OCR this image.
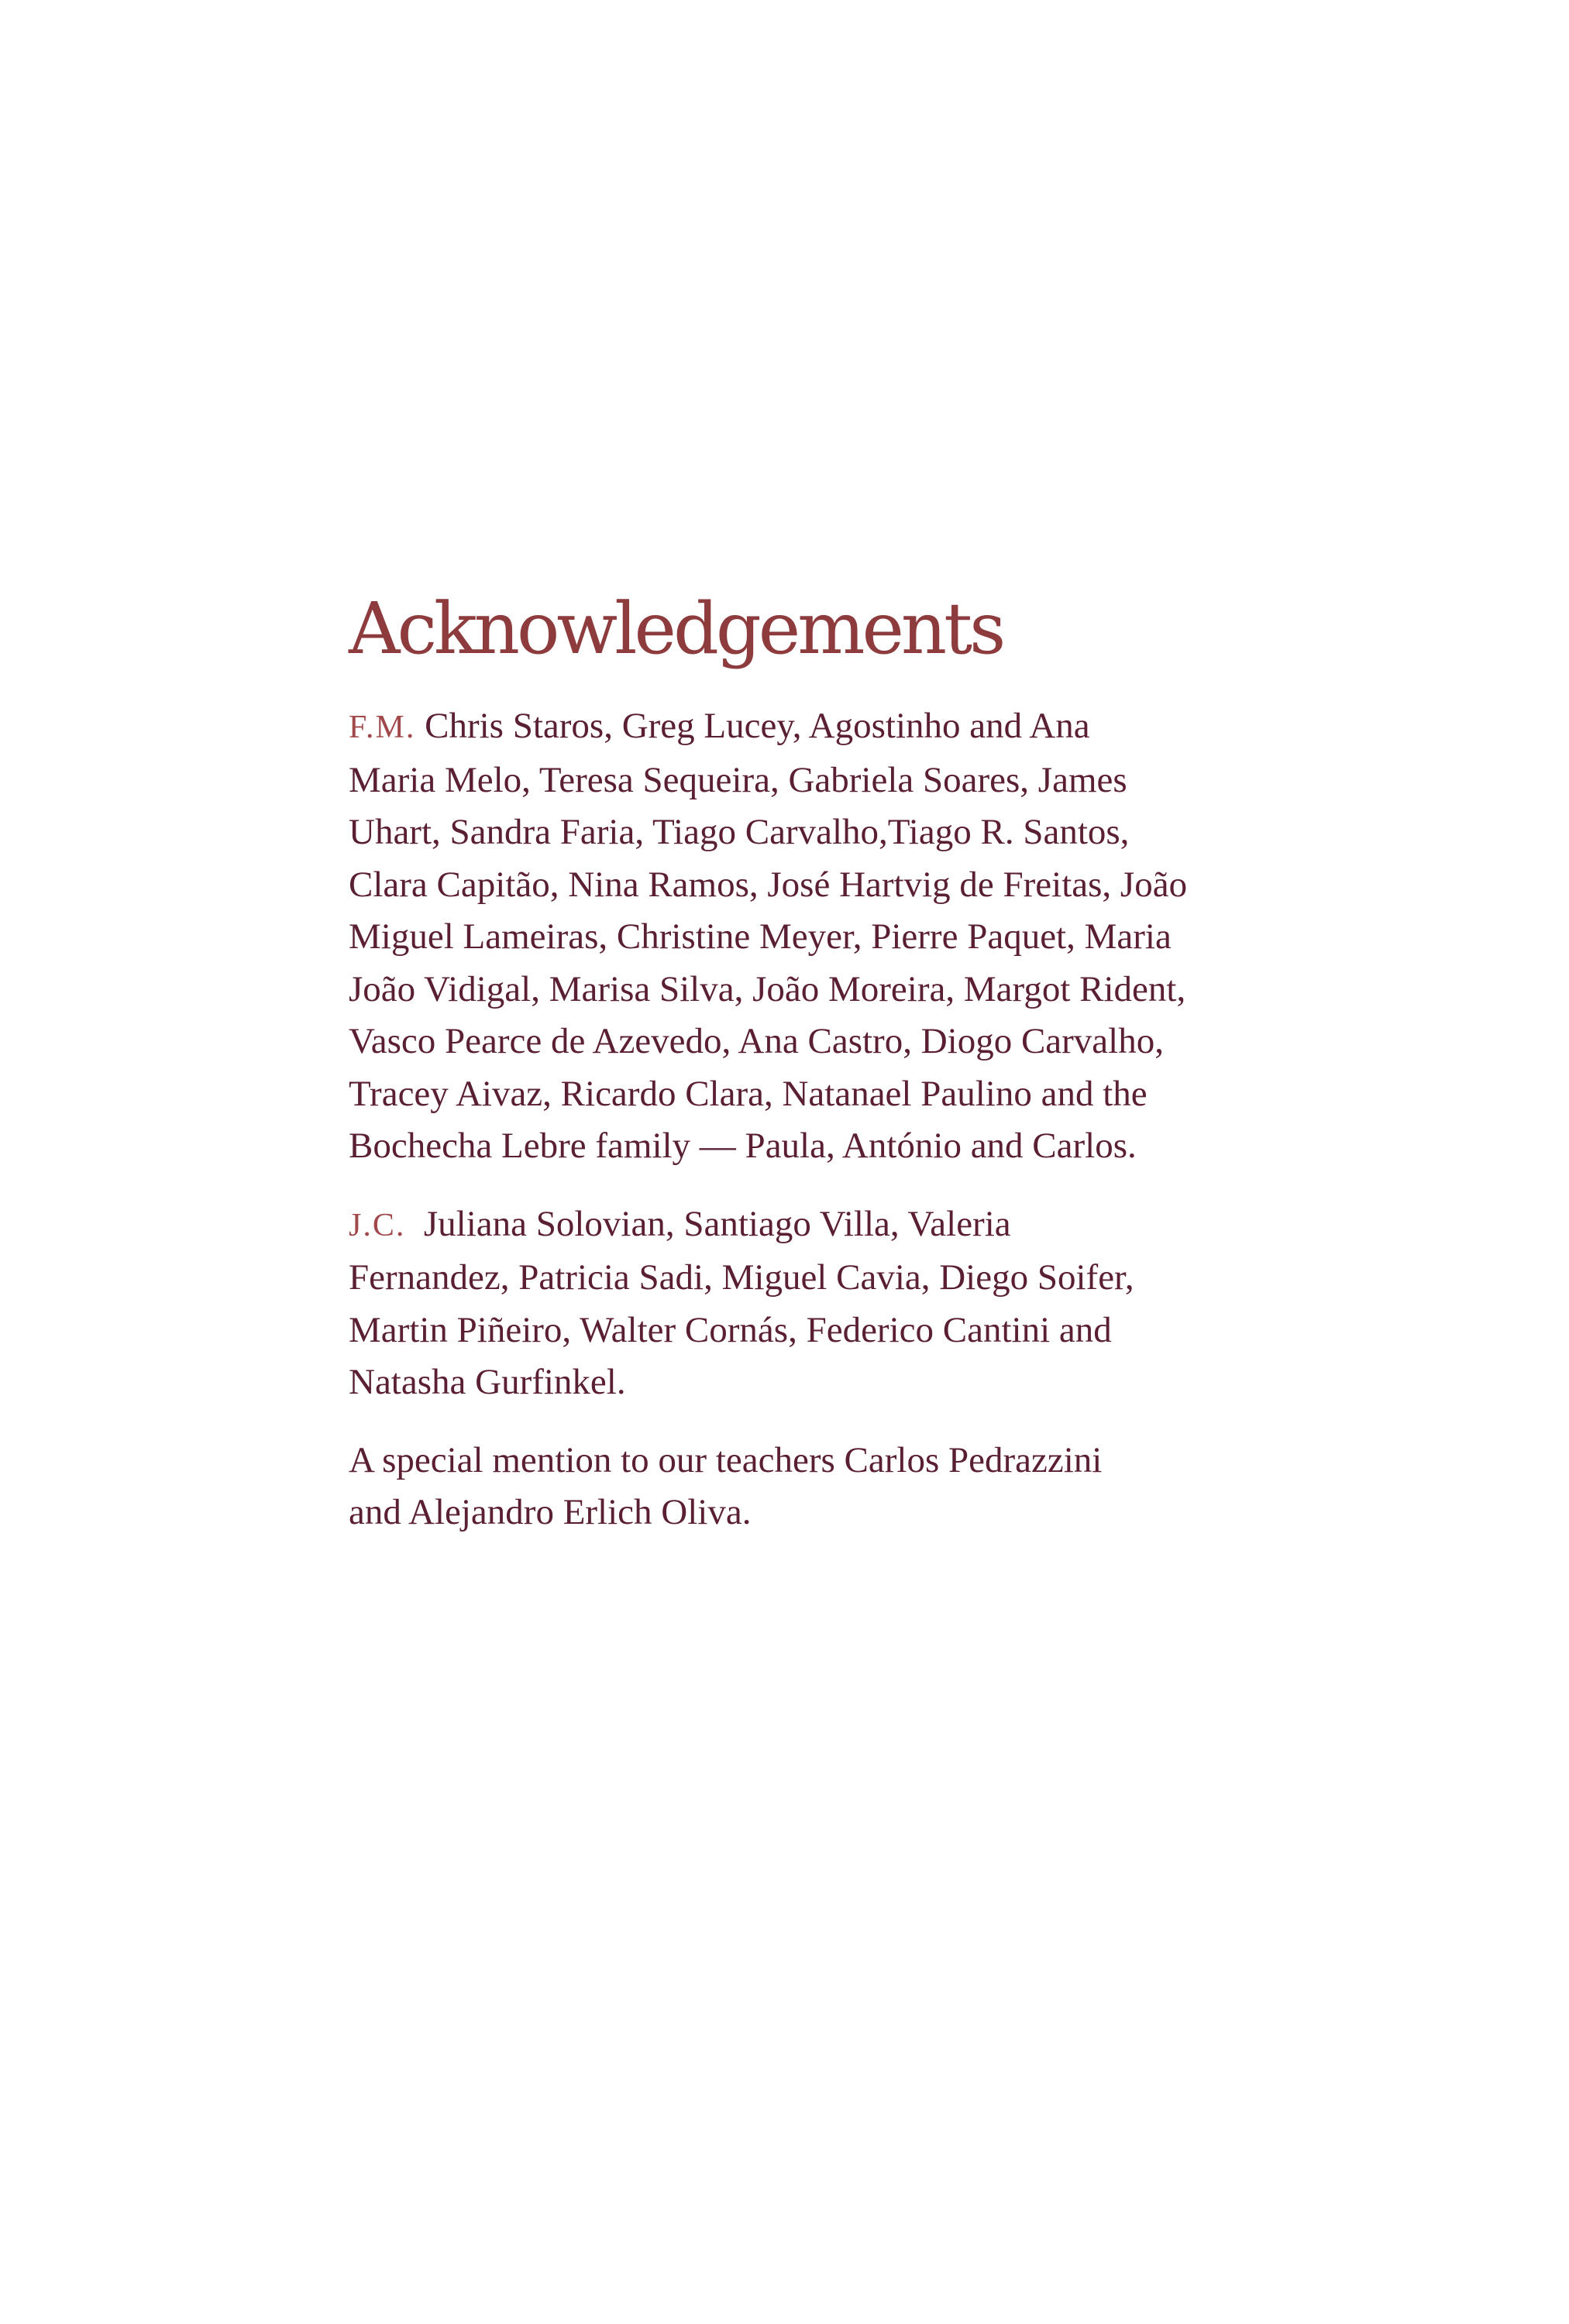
Acknowledgements

F.M. Chris Staros, Greg Lucey, Agostinho and Ana
Maria Melo, Teresa Sequeira, Gabriela Soares, James
Uhart, Sandra Faria, Tiago Carvalho,Tiago R. Santos,
Clara Capitão, Nina Ramos, José Hartvig de Freitas, João
Miguel Lameiras, Christine Meyer, Pierre Paquet, Maria
João Vidigal, Marisa Silva, João Moreira, Margot Rident,
Vasco Pearce de Azevedo, Ana Castro, Diogo Carvalho,
Tracey Aivaz, Ricardo Clara, Natanael Paulino and the
Bochecha Lebre family — Paula, António and Carlos.

J.C. Juliana Solovian, Santiago Villa, Valeria
Fernandez, Patricia Sadi, Miguel Cavia, Diego Soifer,
Martin Piñeiro, Walter Cornás, Federico Cantini and
Natasha Gurfinkel.

A special mention to our teachers Carlos Pedrazzini
and Alejandro Erlich Oliva.
